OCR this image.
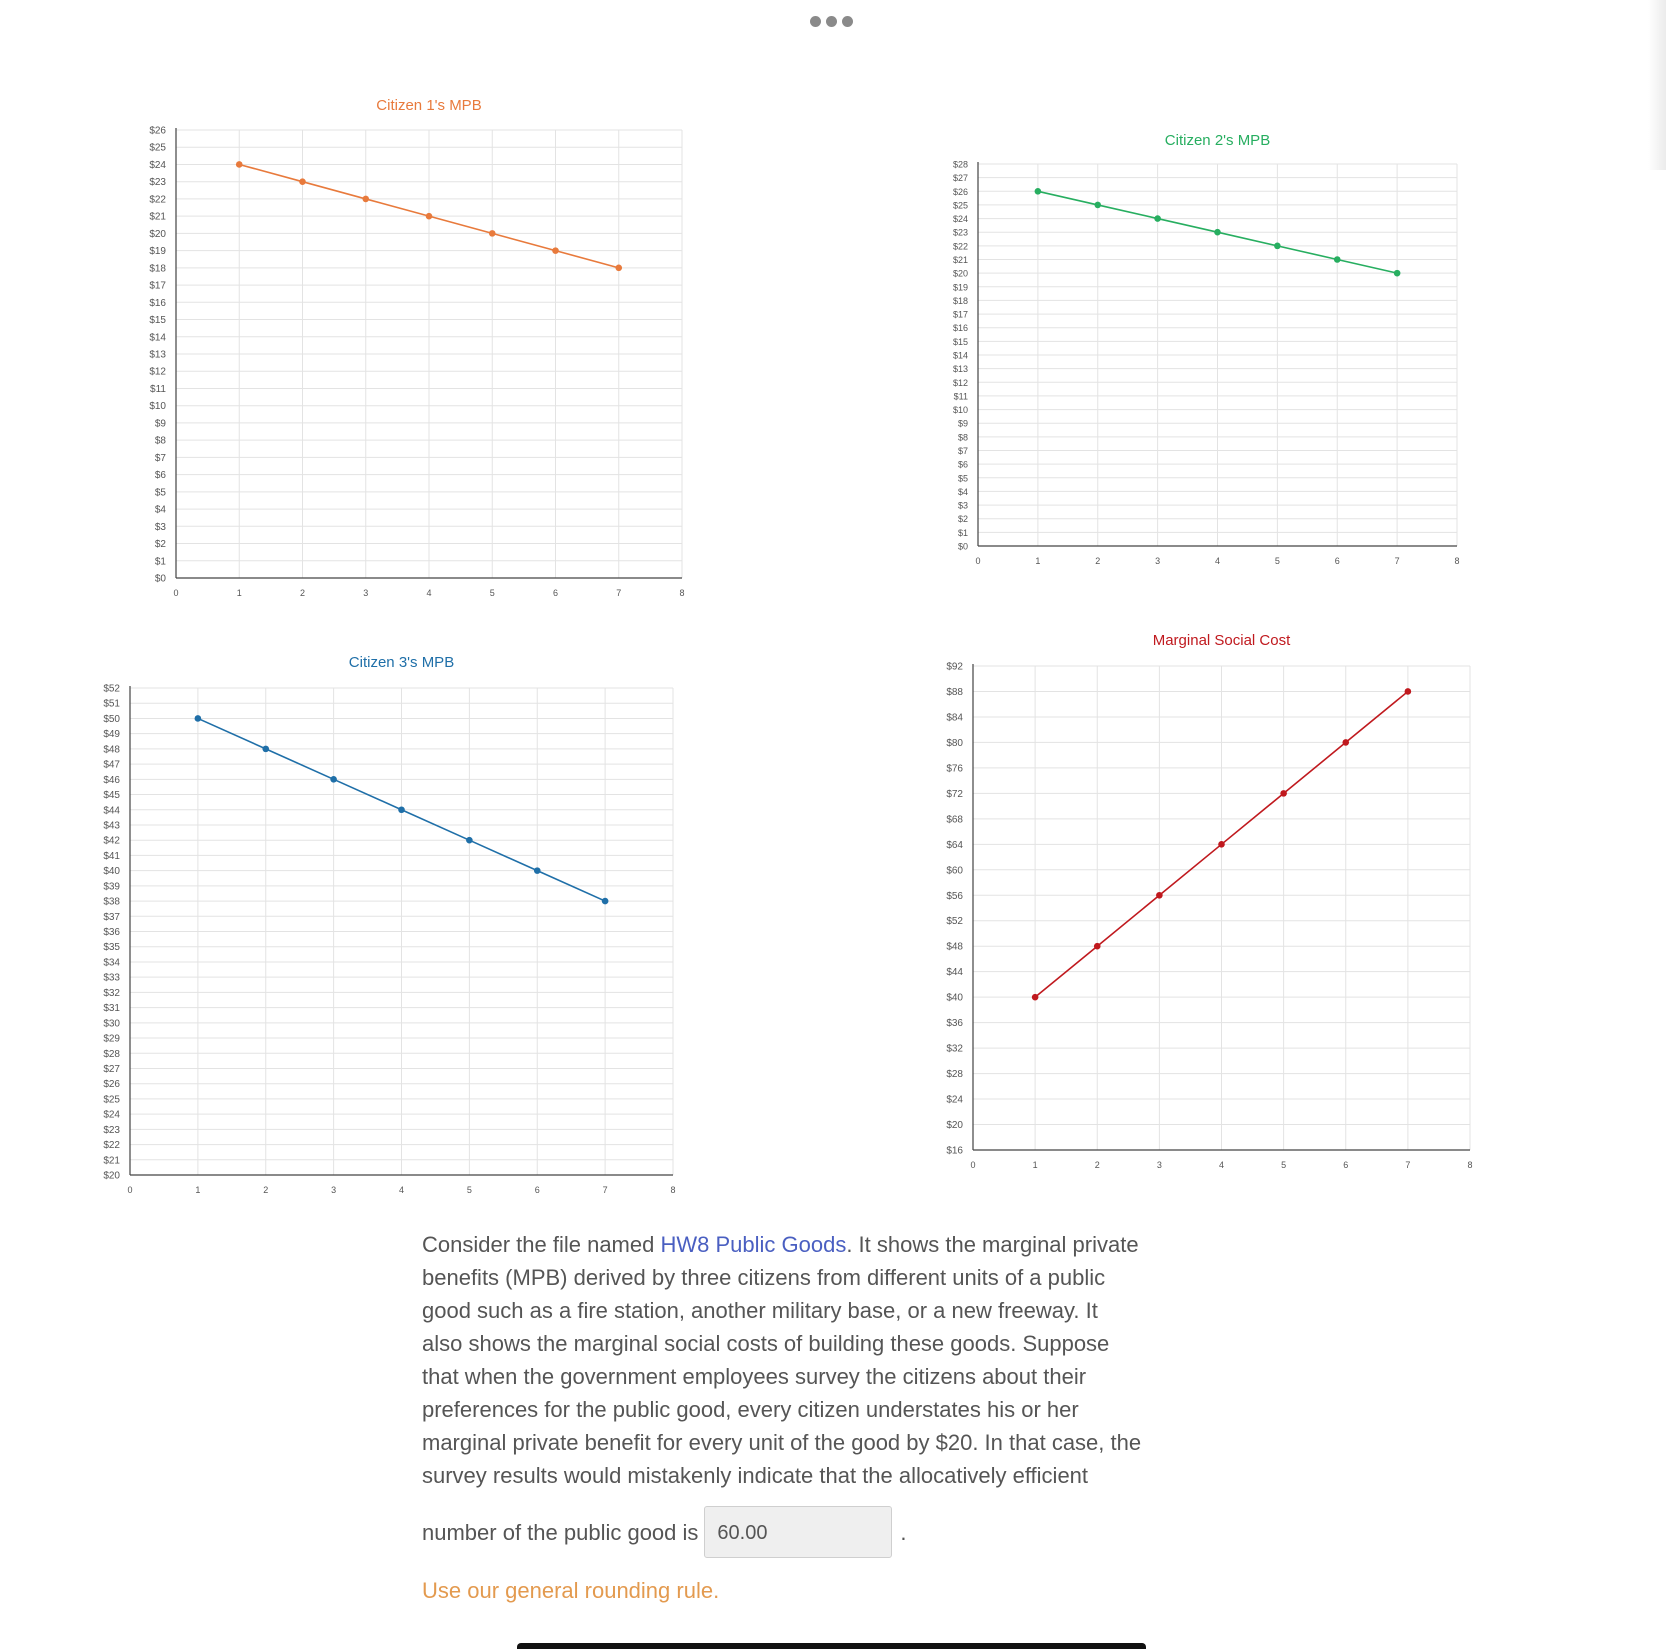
$0
$1
$2
$3
$4
$5
$6
$7
$8
$9
$10
$11
$12
$13
$14
$15
$16
$17
$18
$19
$20
$21
$22
$23
$24
$25
$26
0	1	2	3	4	5	6	7	8
Citizen 1's MPB
$0
$1
$2
$3
$4
$5
$6
$7
$8
$9
$10
$11
$12
$13
$14
$15
$16
$17
$18
$19
$20
$21
$22
$23
$24
$25
$26
$27
$28
0	1	2	3	4	5	6	7	8
Citizen 2's MPB
$20
$21
$22
$23
$24
$25
$26
$27
$28
$29
$30
$31
$32
$33
$34
$35
$36
$37
$38
$39
$40
$41
$42
$43
$44
$45
$46
$47
$48
$49
$50
$51
$52
0	1	2	3	4	5	6	7	8
Citizen 3's MPB
$16
$20
$24
$28
$32
$36
$40
$44
$48
$52
$56
$60
$64
$68
$72
$76
$80
$84
$88
$92
0	1	2	3	4	5	6	7	8
Marginal Social Cost
Consider the file named HW8 Public Goods. It shows the marginal private benefits (MPB) derived by three citizens from different units of a public good such as a fire station, another military base, or a new freeway. It also shows the marginal social costs of building these goods. Suppose that when the government employees survey the citizens about their preferences for the public good, every citizen understates his or her marginal private benefit for every unit of the good by $20. In that case, the survey results would mistakenly indicate that the allocatively efficient
number of the public good is 60.00	.
Use our general rounding rule.
